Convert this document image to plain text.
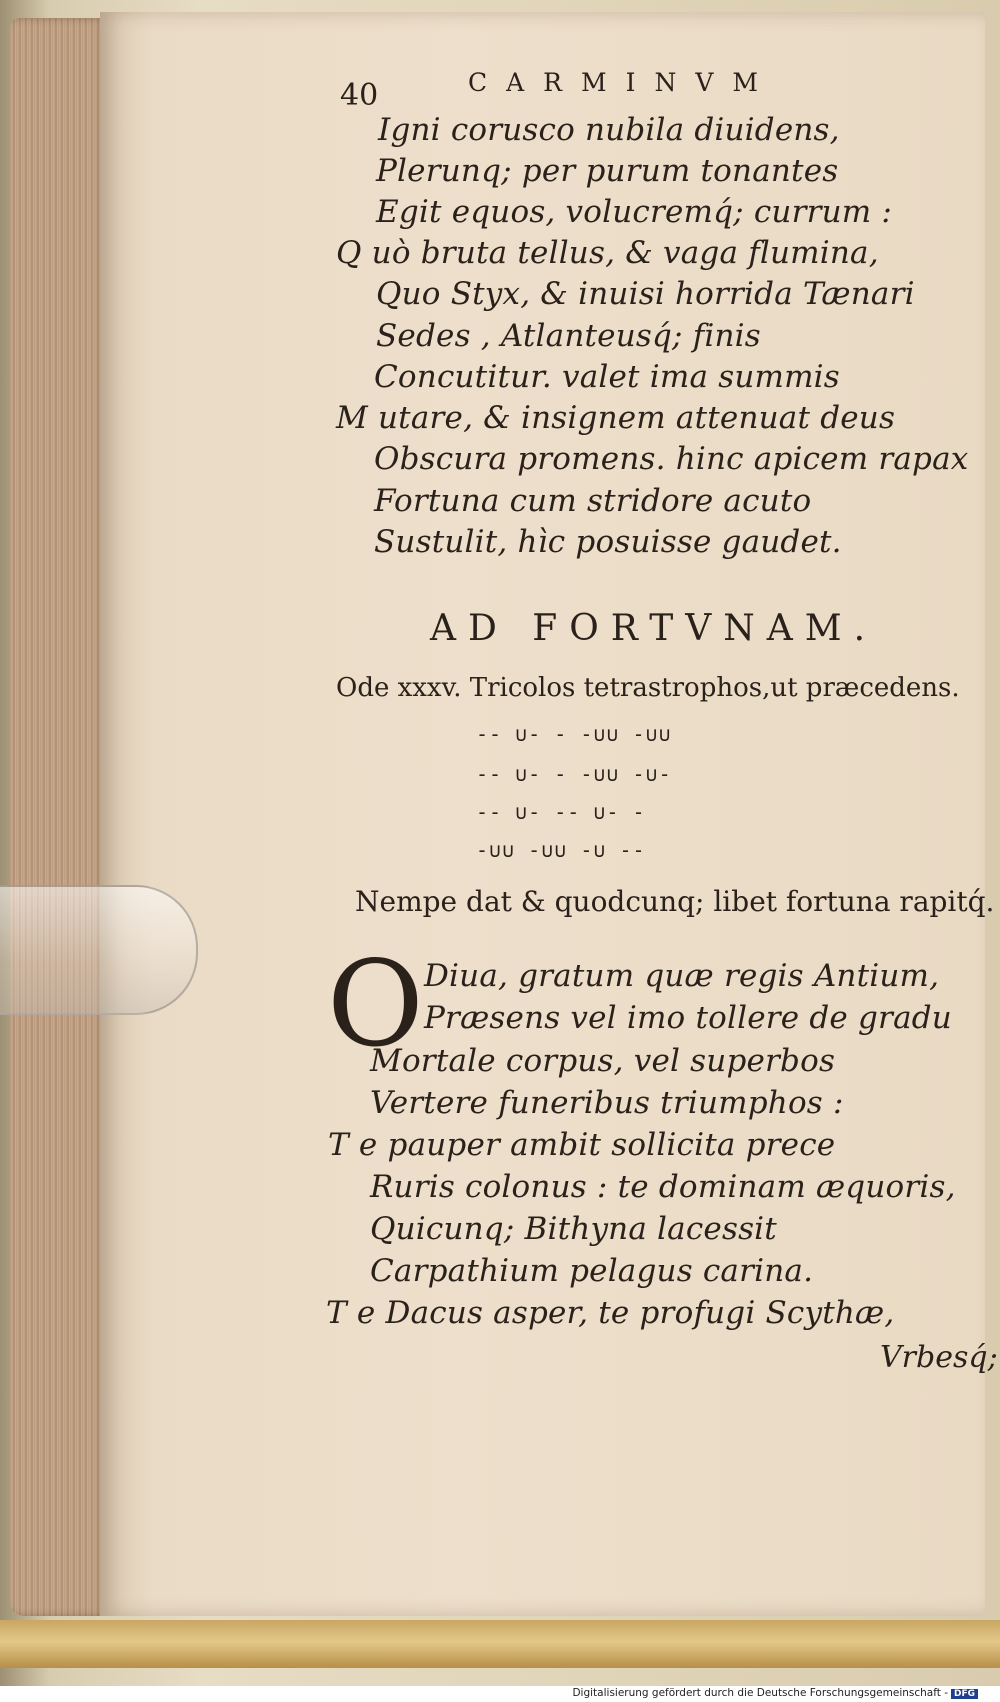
40	CARMINVM
Igni corusco nubila diuidens,
Plerunq; per purum tonantes
Egit equos, volucremq́; currum :
Q uò bruta tellus, & vaga flumina,
Quo Styx, & inuisi horrida Tænari
Sedes , Atlanteusq́; finis
Concutitur. valet ima summis
M utare, & insignem attenuat deus
Obscura promens. hinc apicem rapax
Fortuna cum stridore acuto
Sustulit, hìc posuisse gaudet.
AD FORTVNAM.
Ode xxxv. Tricolos tetrastrophos,ut præcedens.
-- ∪- - -∪∪ -∪∪
-- ∪- - -∪∪ -∪-
-- ∪- -- ∪- -
-∪∪ -∪∪ -∪ --
Nempe dat & quodcunq; libet fortuna rapitq́.
O Diua, gratum quæ regis Antium,
Præsens vel imo tollere de gradu
Mortale corpus, vel superbos
Vertere funeribus triumphos :
T e pauper ambit sollicita prece
Ruris colonus : te dominam æquoris,
Quicunq; Bithyna lacessit
Carpathium pelagus carina.
T e Dacus asper, te profugi Scythæ,
Vrbesq́;
Digitalisierung gefördert durch die Deutsche Forschungsgemeinschaft - DFG
